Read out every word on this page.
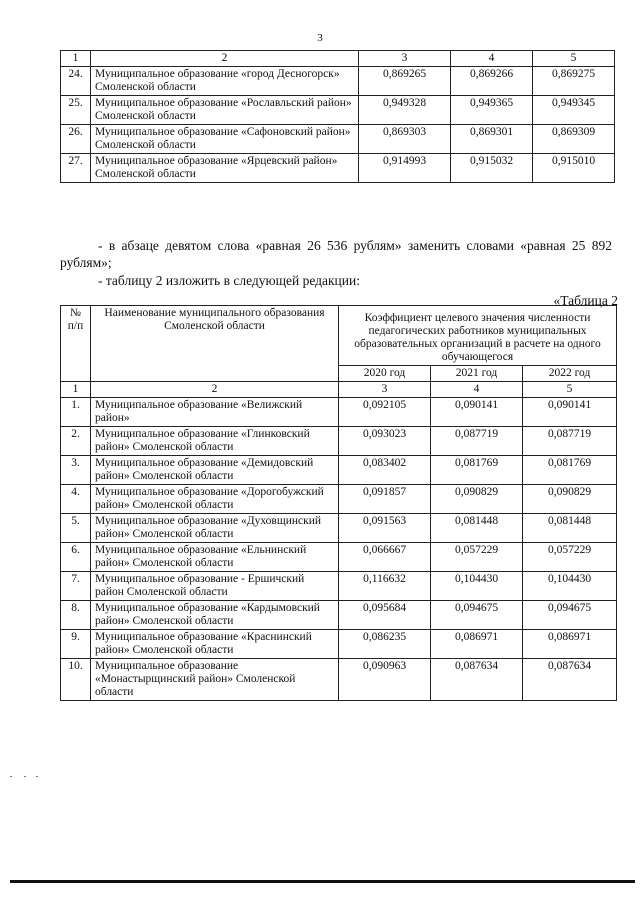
3
1	2	3	4	5
24.	Муниципальное образование «город Десногорск» Смоленской области	0,869265	0,869266	0,869275
25.	Муниципальное образование «Рославльский район» Смоленской области	0,949328	0,949365	0,949345
26.	Муниципальное образование «Сафоновский район» Смоленской области	0,869303	0,869301	0,869309
27.	Муниципальное образование «Ярцевский район» Смоленской области	0,914993	0,915032	0,915010
- в абзаце девятом слова «равная 26 536 рублям» заменить словами «равная 25 892 рублям»;
- таблицу 2 изложить в следующей редакции:
«Таблица 2
№ п/п	Наименование муниципального образования Смоленской области	Коэффициент целевого значения численности педагогических работников муниципальных образовательных организаций в расчете на одного обучающегося		
		2020 год	2021 год	2022 год
1	2	3	4	5
1.	Муниципальное образование «Велижский район»	0,092105	0,090141	0,090141
2.	Муниципальное образование «Глинковский район» Смоленской области	0,093023	0,087719	0,087719
3.	Муниципальное образование «Демидовский район» Смоленской области	0,083402	0,081769	0,081769
4.	Муниципальное образование «Дорогобужский район» Смоленской области	0,091857	0,090829	0,090829
5.	Муниципальное образование «Духовщинский район» Смоленской области	0,091563	0,081448	0,081448
6.	Муниципальное образование «Ельнинский район» Смоленской области	0,066667	0,057229	0,057229
7.	Муниципальное образование - Ершичский район Смоленской области	0,116632	0,104430	0,104430
8.	Муниципальное образование «Кардымовский район» Смоленской области	0,095684	0,094675	0,094675
9.	Муниципальное образование «Краснинский район» Смоленской области	0,086235	0,086971	0,086971
10.	Муниципальное образование «Монастырщинский район» Смоленской области	0,090963	0,087634	0,087634
